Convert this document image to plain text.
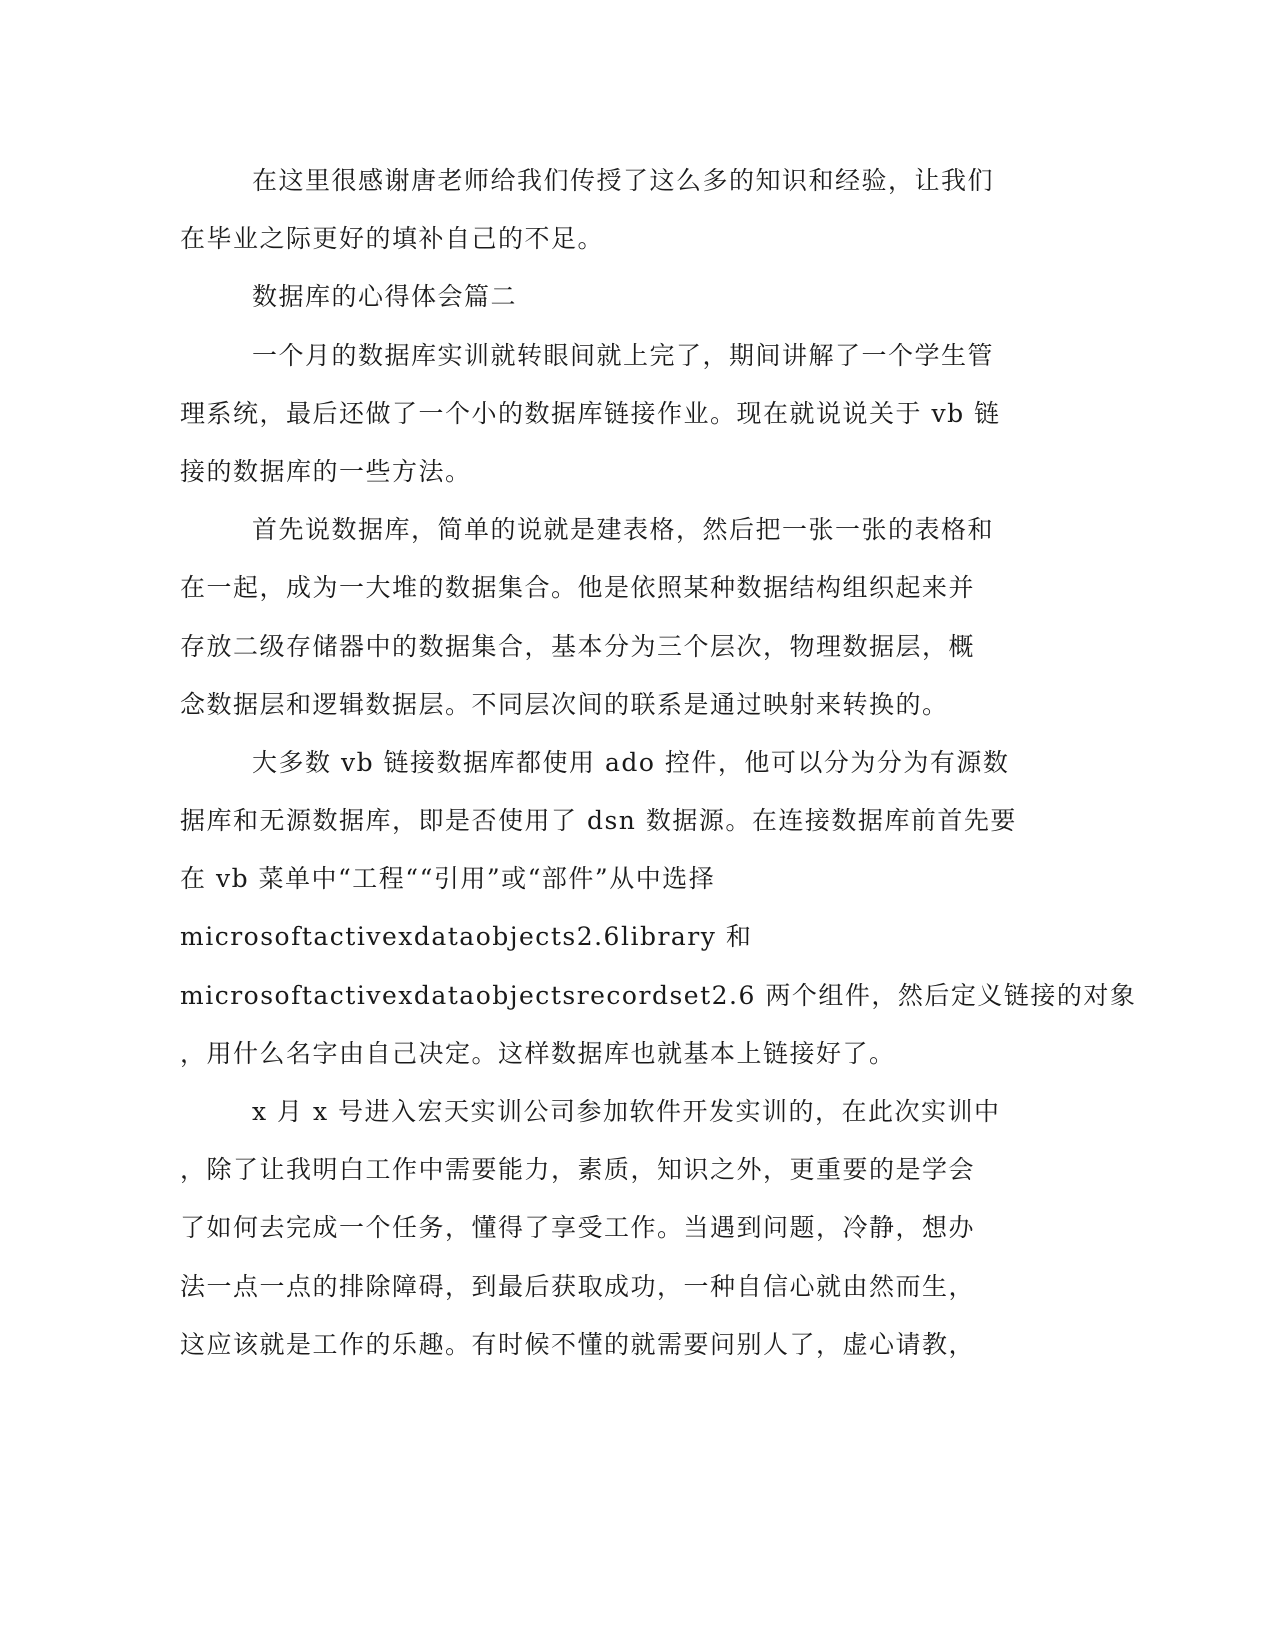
在这里很感谢唐老师给我们传授了这么多的知识和经验，让我们
在毕业之际更好的填补自己的不足。
数据库的心得体会篇二
一个月的数据库实训就转眼间就上完了，期间讲解了一个学生管
理系统，最后还做了一个小的数据库链接作业。现在就说说关于 vb 链
接的数据库的一些方法。
首先说数据库，简单的说就是建表格，然后把一张一张的表格和
在一起，成为一大堆的数据集合。他是依照某种数据结构组织起来并
存放二级存储器中的数据集合，基本分为三个层次，物理数据层，概
念数据层和逻辑数据层。不同层次间的联系是通过映射来转换的。
大多数 vb 链接数据库都使用 ado 控件，他可以分为分为有源数
据库和无源数据库，即是否使用了 dsn 数据源。在连接数据库前首先要
在 vb 菜单中“工程““引用”或“部件”从中选择
microsoftactivexdataobjects2.6library 和
microsoftactivexdataobjectsrecordset2.6 两个组件，然后定义链接的对象
，用什么名字由自己决定。这样数据库也就基本上链接好了。
x 月 x 号进入宏天实训公司参加软件开发实训的，在此次实训中
，除了让我明白工作中需要能力，素质，知识之外，更重要的是学会
了如何去完成一个任务，懂得了享受工作。当遇到问题，冷静，想办
法一点一点的排除障碍，到最后获取成功，一种自信心就由然而生，
这应该就是工作的乐趣。有时候不懂的就需要问别人了，虚心请教，
